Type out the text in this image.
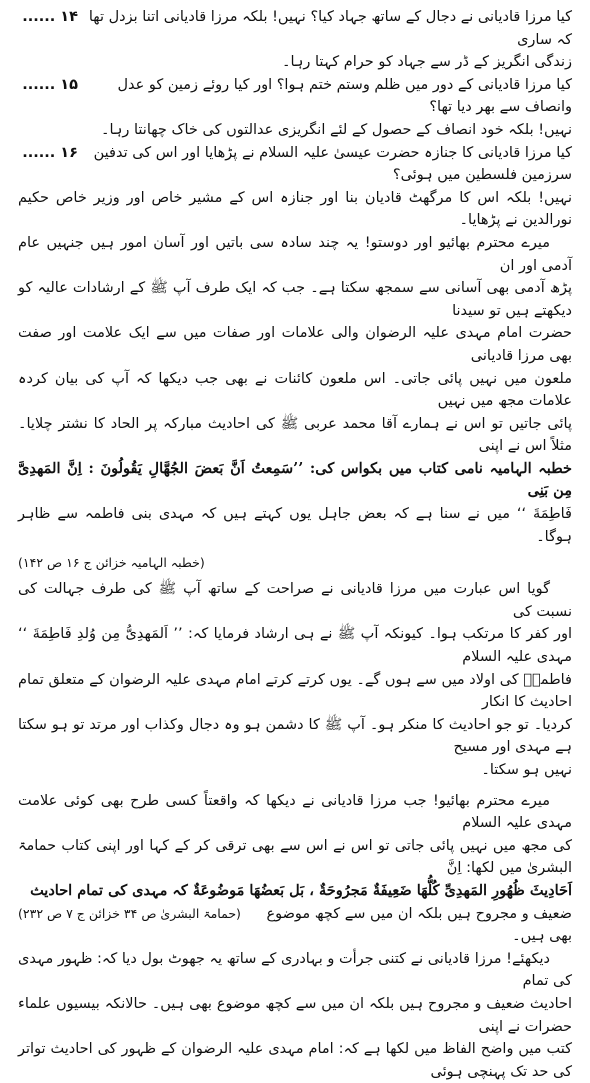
کیا مرزا قادیانی نے دجال کے ساتھ جہاد کیا؟ نہیں! بلکہ مرزا قادیانی اتنا بزدل تھا کہ ساری
۱۴ ......

زندگی انگریز کے ڈر سے جہاد کو حرام کہتا رہا۔

کیا مرزا قادیانی کے دور میں ظلم وستم ختم ہوا؟ اور کیا روئے زمین کو عدل وانصاف سے بھر دیا تھا؟
۱۵ ......

نہیں! بلکہ خود انصاف کے حصول کے لئے انگریزی عدالتوں کی خاک چھانتا رہا۔

کیا مرزا قادیانی کا جنازہ حضرت عیسیٰ علیہ السلام نے پڑھایا اور اس کی تدفین سرزمین فلسطین میں ہوئی؟
۱۶ ......

نہیں! بلکہ اس کا مرگھٹ قادیان بنا اور جنازہ اس کے مشیر خاص اور وزیر خاص حکیم نورالدین نے پڑھایا۔

میرے محترم بھائیو اور دوستو! یہ چند سادہ سی باتیں اور آسان امور ہیں جنہیں عام آدمی اور ان

پڑھ آدمی بھی آسانی سے سمجھ سکتا ہے۔ جب کہ ایک طرف آپ ﷺ کے ارشادات عالیہ کو دیکھتے ہیں تو سیدنا

حضرت امام مہدی علیہ الرضوان والی علامات اور صفات میں سے ایک علامت اور صفت بھی مرزا قادیانی

ملعون میں نہیں پائی جاتی۔ اس ملعون کائنات نے بھی جب دیکھا کہ آپ کی بیان کردہ علامات مجھ میں نہیں

پائی جاتیں تو اس نے ہمارے آقا محمد عربی ﷺ کی احادیث مبارکہ پر الحاد کا نشتر چلایا۔ مثلاً اس نے اپنی

خطبہ الہامیہ نامی کتاب میں بکواس کی: ’’سَمِعتُ اَنَّ بَعضَ الجُهَّالِ يَقُولُونَ : اِنَّ المَهدِىَّ مِن بَنِى

فَاطِمَةَ ‘‘ میں نے سنا ہے کہ بعض جاہل یوں کہتے ہیں کہ مہدی بنی فاطمہ سے ظاہر ہوگا۔

(خطبہ الہامیہ خزائن ج ۱۶ ص ۱۴۲)

گویا اس عبارت میں مرزا قادیانی نے صراحت کے ساتھ آپ ﷺ کی طرف جہالت کی نسبت کی

اور کفر کا مرتکب ہوا۔ کیونکہ آپ ﷺ نے ہی ارشاد فرمایا کہ: ’’ اَلمَهدِىُّ مِن وُلدِ فَاطِمَةَ ‘‘ مہدی علیہ السلام

فاطمہؓ کی اولاد میں سے ہوں گے۔ یوں کرتے کرتے امام مہدی علیہ الرضوان کے متعلق تمام احادیث کا انکار

کردیا۔ تو جو احادیث کا منکر ہو۔ آپ ﷺ کا دشمن ہو وہ دجال وکذاب اور مرتد تو ہو سکتا ہے مہدی اور مسیح

نہیں ہو سکتا۔

میرے محترم بھائیو! جب مرزا قادیانی نے دیکھا کہ واقعتاً کسی طرح بھی کوئی علامت مہدی علیہ السلام

کی مجھ میں نہیں پائی جاتی تو اس نے اس سے بھی ترقی کر کے کہا اور اپنی کتاب حمامۃ البشریٰ میں لکھا: اِنَّ

اَحَادِيثَ ظُهُورِ المَهدِىِّ كُلُّهَا ضَعِيفَةٌ مَجرُوحَةٌ ، بَل بَعضُهَا مَوضُوعَةٌ کہ مہدی کی تمام احادیث

ضعیف و مجروح ہیں بلکہ ان میں سے کچھ موضوع بھی ہیں۔
(حمامۃ البشریٰ ص ۳۴ خزائن ج ۷ ص ۲۳۲)

دیکھئے! مرزا قادیانی نے کتنی جرأت و بہادری کے ساتھ یہ جھوٹ بول دیا کہ: ظہور مہدی کی تمام

احادیث ضعیف و مجروح ہیں بلکہ ان میں سے کچھ موضوع بھی ہیں۔ حالانکہ بیسیوں علماء حضرات نے اپنی

کتب میں واضح الفاظ میں لکھا ہے کہ: امام مہدی علیہ الرضوان کے ظہور کی احادیث تواتر کی حد تک پہنچی ہوئی
